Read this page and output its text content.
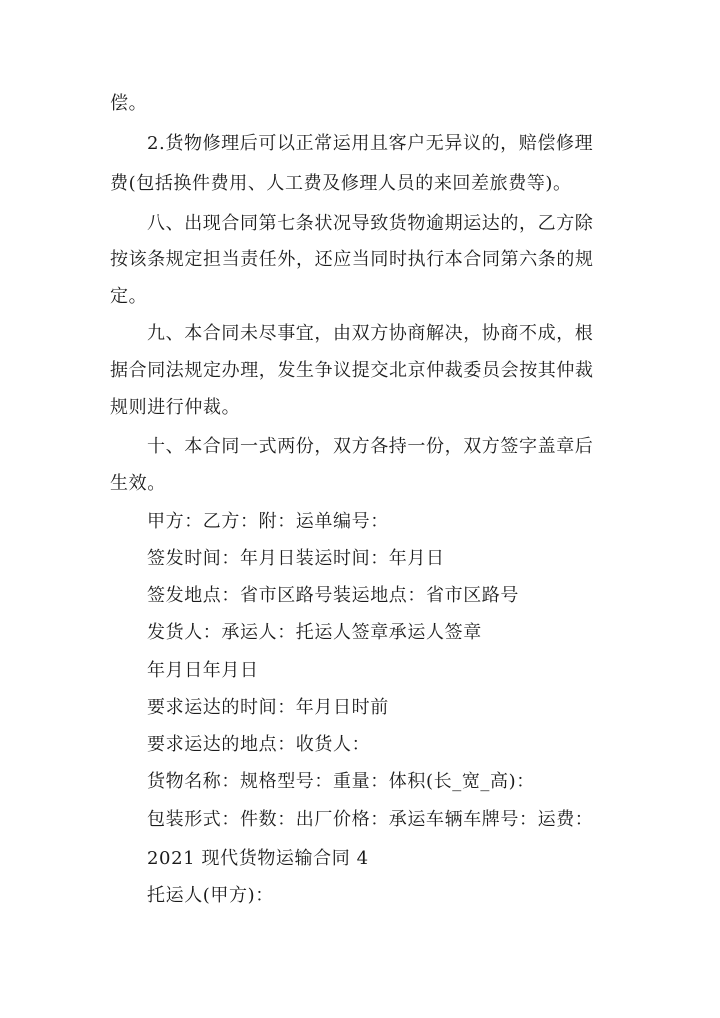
偿。
2.货物修理后可以正常运用且客户无异议的，赔偿修理
费(包括换件费用、人工费及修理人员的来回差旅费等)。
八、出现合同第七条状况导致货物逾期运达的，乙方除
按该条规定担当责任外，还应当同时执行本合同第六条的规
定。
九、本合同未尽事宜，由双方协商解决，协商不成，根
据合同法规定办理，发生争议提交北京仲裁委员会按其仲裁
规则进行仲裁。
十、本合同一式两份，双方各持一份，双方签字盖章后
生效。
甲方：乙方：附：运单编号：
签发时间：年月日装运时间：年月日
签发地点：省市区路号装运地点：省市区路号
发货人：承运人：托运人签章承运人签章
年月日年月日
要求运达的时间：年月日时前
要求运达的地点：收货人：
货物名称：规格型号：重量：体积(长_宽_高)：
包装形式：件数：出厂价格：承运车辆车牌号：运费：
2021 现代货物运输合同 4
托运人(甲方)：
